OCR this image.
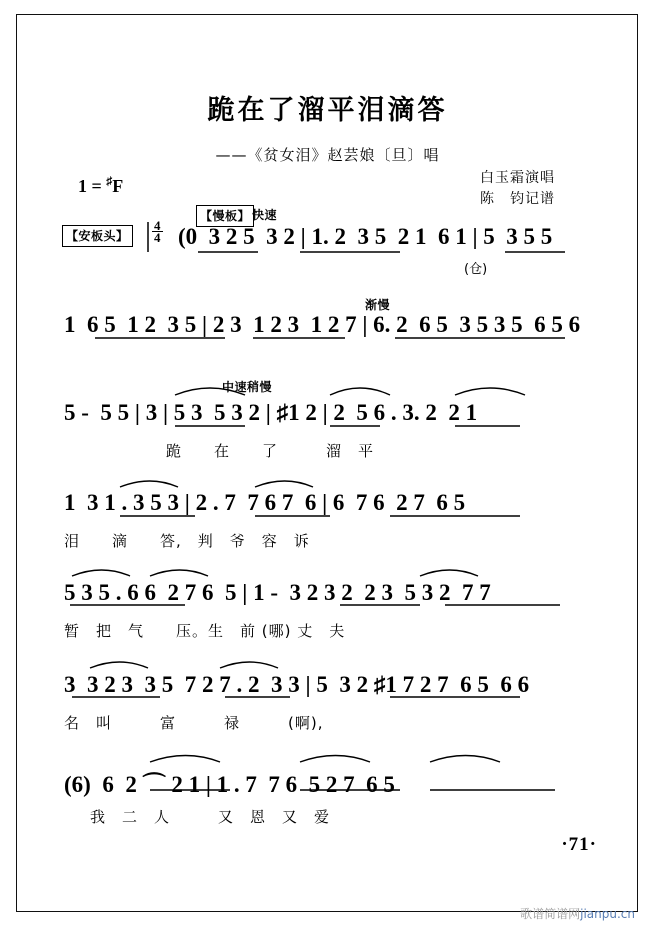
跪在了溜平泪滴答
——《贫女泪》赵芸娘〔旦〕唱
白玉霜演唱
陈　钧记谱
1 = ♯F
【慢板】 快速
【安板头】
4
4 (0  3 2 5  3 2 | 1. 2  3 5  2 1  6 1 | 5  3 5 5
(仓)
渐慢
1  6 5  1 2  3 5 | 2 3  1 2 3  1 2 7 | 6. 2  6 5  3 5 3 5  6 5 6
中速稍慢
5 -  5 5 | 3 | 5 3  5 3 2 | ♯1 2 | 2  5 6 . 3. 2  2 1
跪　　在　　了　　　溜　平
1  3 1 . 3 5 3 | 2 . 7  7 6 7  6 | 6  7 6  2 7  6 5
泪　　滴　　答,　判　爷　容　诉
5 3 5 . 6 6  2 7 6  5 | 1 -  3 2 3 2  2 3  5 3 2  7 7
暂　把　气　　压。生　前 (哪) 丈　夫
3  3 2 3  3 5  7 2 7 . 2  3 3 | 5  3 2 ♯1 7 2 7  6 5  6 6
名　叫　　　富　　　禄　　　(啊),
(6)  6  2 ⌒ 2 1 | 1 . 7  7 6  5 2 7  6 5
我　二　人　　　又　恩　又　爱
·71·
歌谱简谱网jianpu.cn
